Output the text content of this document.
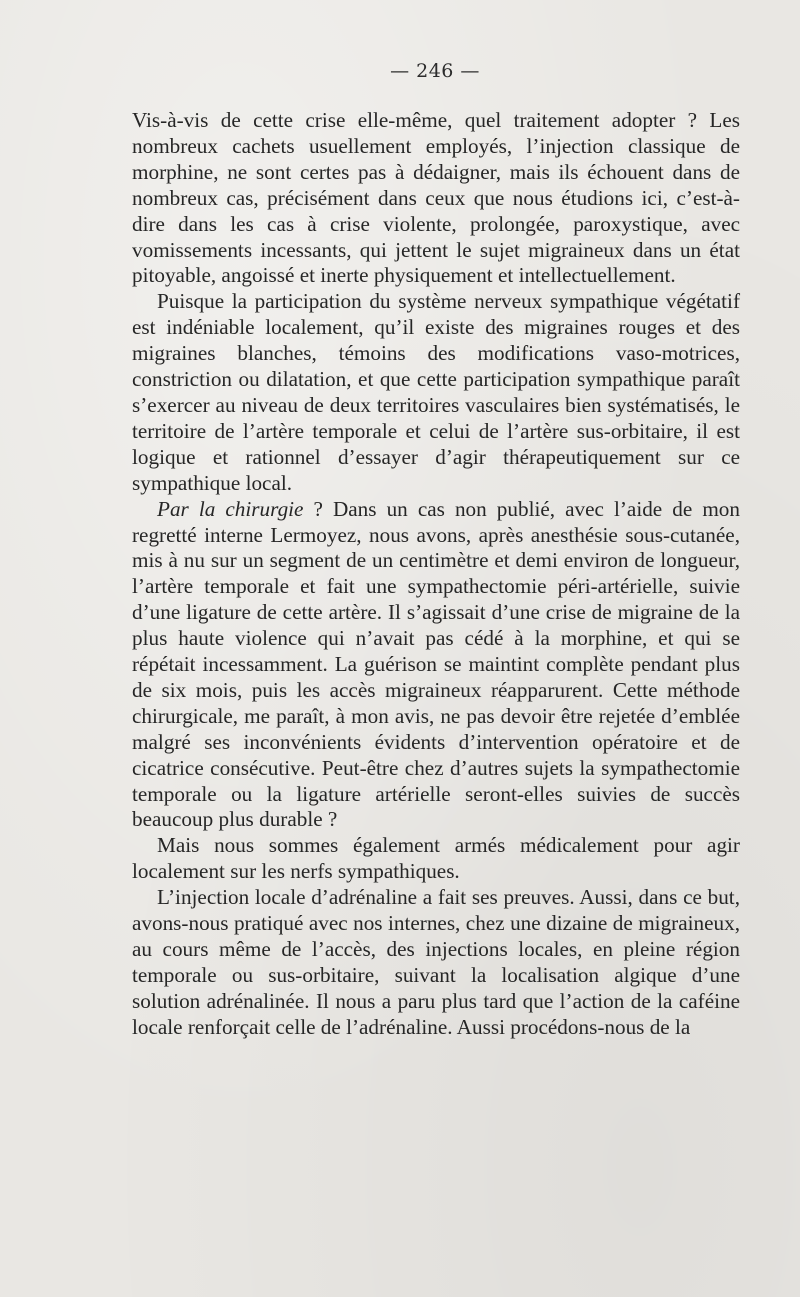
— 246 —

Vis-à-vis de cette crise elle-même, quel traitement adopter ? Les nombreux cachets usuellement employés, l’injection classique de morphine, ne sont certes pas à dédaigner, mais ils échouent dans de nombreux cas, précisément dans ceux que nous étudions ici, c’est-à-dire dans les cas à crise violente, prolongée, paroxystique, avec vomissements incessants, qui jettent le sujet migraineux dans un état pitoyable, angoissé et inerte physiquement et intellectuellement.

Puisque la participation du système nerveux sympathique végétatif est indéniable localement, qu’il existe des migraines rouges et des migraines blanches, témoins des modifications vaso-motrices, constriction ou dilatation, et que cette participation sympathique paraît s’exercer au niveau de deux territoires vasculaires bien systématisés, le territoire de l’artère temporale et celui de l’artère sus-orbitaire, il est logique et rationnel d’essayer d’agir thérapeutiquement sur ce sympathique local.

Par la chirurgie ? Dans un cas non publié, avec l’aide de mon regretté interne Lermoyez, nous avons, après anesthésie sous-cutanée, mis à nu sur un segment de un centimètre et demi environ de longueur, l’artère temporale et fait une sympathectomie péri-artérielle, suivie d’une ligature de cette artère. Il s’agissait d’une crise de migraine de la plus haute violence qui n’avait pas cédé à la morphine, et qui se répétait incessamment. La guérison se maintint complète pendant plus de six mois, puis les accès migraineux réapparurent. Cette méthode chirurgicale, me paraît, à mon avis, ne pas devoir être rejetée d’emblée malgré ses inconvénients évidents d’intervention opératoire et de cicatrice consécutive. Peut-être chez d’autres sujets la sympathectomie temporale ou la ligature artérielle seront-elles suivies de succès beaucoup plus durable ?

Mais nous sommes également armés médicalement pour agir localement sur les nerfs sympathiques.

L’injection locale d’adrénaline a fait ses preuves. Aussi, dans ce but, avons-nous pratiqué avec nos internes, chez une dizaine de migraineux, au cours même de l’accès, des injections locales, en pleine région temporale ou sus-orbitaire, suivant la localisation algique d’une solution adrénalinée. Il nous a paru plus tard que l’action de la caféine locale renforçait celle de l’adrénaline. Aussi procédons-nous de la
